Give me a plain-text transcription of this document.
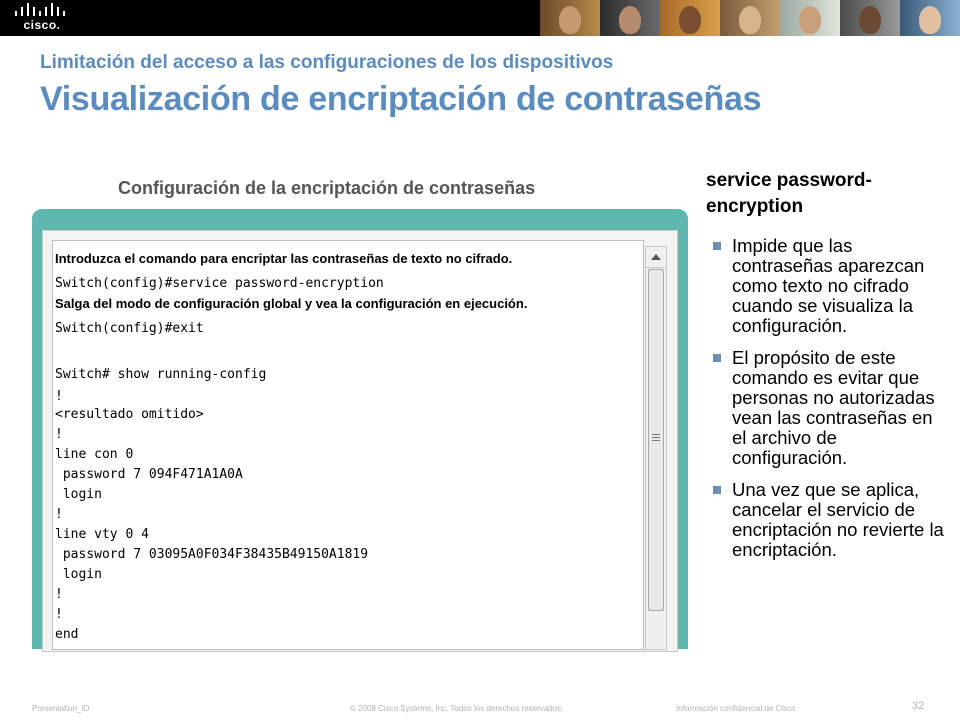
cisco.
Limitación del acceso a las configuraciones de los dispositivos
Visualización de encriptación de contraseñas
Configuración de la encriptación de contraseñas
Introduzca el comando para encriptar las contraseñas de texto no cifrado.
Switch(config)#service password-encryption
Salga del modo de configuración global y vea la configuración en ejecución.
Switch(config)#exit
Switch# show running-config
!
<resultado omitido>
!
line con 0
password 7 094F471A1A0A
login
!
line vty 0 4
password 7 03095A0F034F38435B49150A1819
login
!
!
end
service password-encryption
Impide que las contraseñas aparezcan como texto no cifrado cuando se visualiza la configuración.
El propósito de este comando es evitar que personas no autorizadas vean las contraseñas en el archivo de configuración.
Una vez que se aplica, cancelar el servicio de encriptación no revierte la encriptación.
Presentation_ID	© 2008 Cisco Systems, Inc. Todos los derechos reservados.	Información confidencial de Cisco	32
